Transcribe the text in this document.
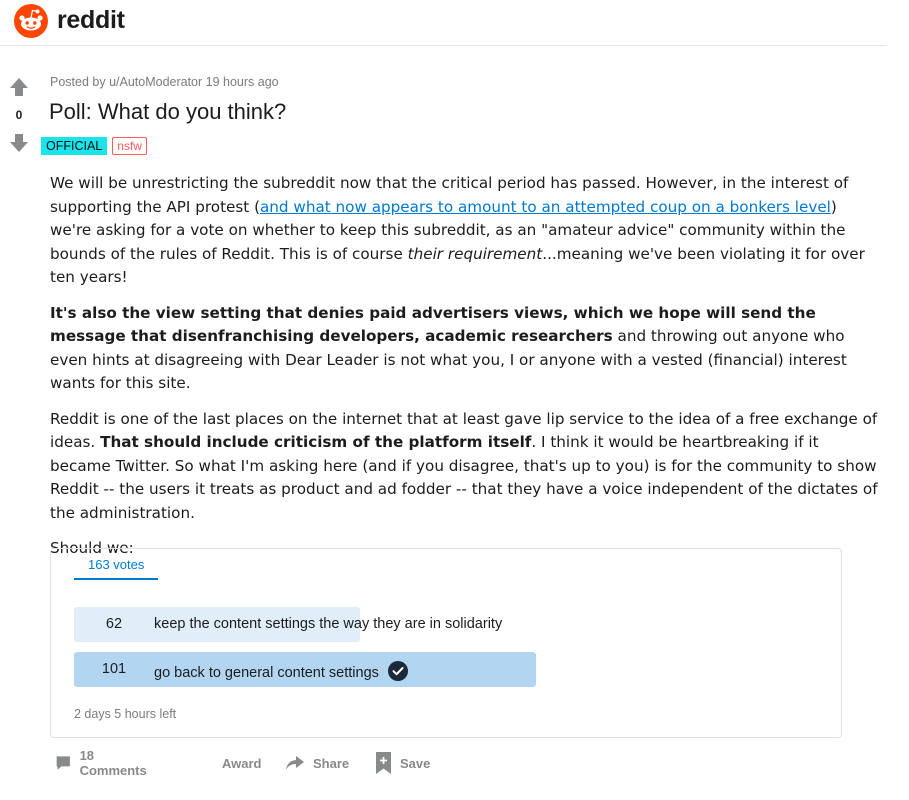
reddit
0
Posted by u/AutoModerator 19 hours ago
Poll: What do you think?
OFFICIAL	nsfw

We will be unrestricting the subreddit now that the critical period has passed. However, in the interest of supporting the API protest (and what now appears to amount to an attempted coup on a bonkers level) we're asking for a vote on whether to keep this subreddit, as an "amateur advice" community within the bounds of the rules of Reddit. This is of course their requirement...meaning we've been violating it for over ten years!

It's also the view setting that denies paid advertisers views, which we hope will send the message that disenfranchising developers, academic researchers and throwing out anyone who even hints at disagreeing with Dear Leader is not what you, I or anyone with a vested (financial) interest wants for this site.

Reddit is one of the last places on the internet that at least gave lip service to the idea of a free exchange of ideas. That should include criticism of the platform itself. I think it would be heartbreaking if it became Twitter. So what I'm asking here (and if you disagree, that's up to you) is for the community to show Reddit -- the users it treats as product and ad fodder -- that they have a voice independent of the dictates of the administration.

Should we:

163 votes
62	keep the content settings the way they are in solidarity
101	go back to general content settings
2 days 5 hours left
18 Comments	Award	Share	Save
